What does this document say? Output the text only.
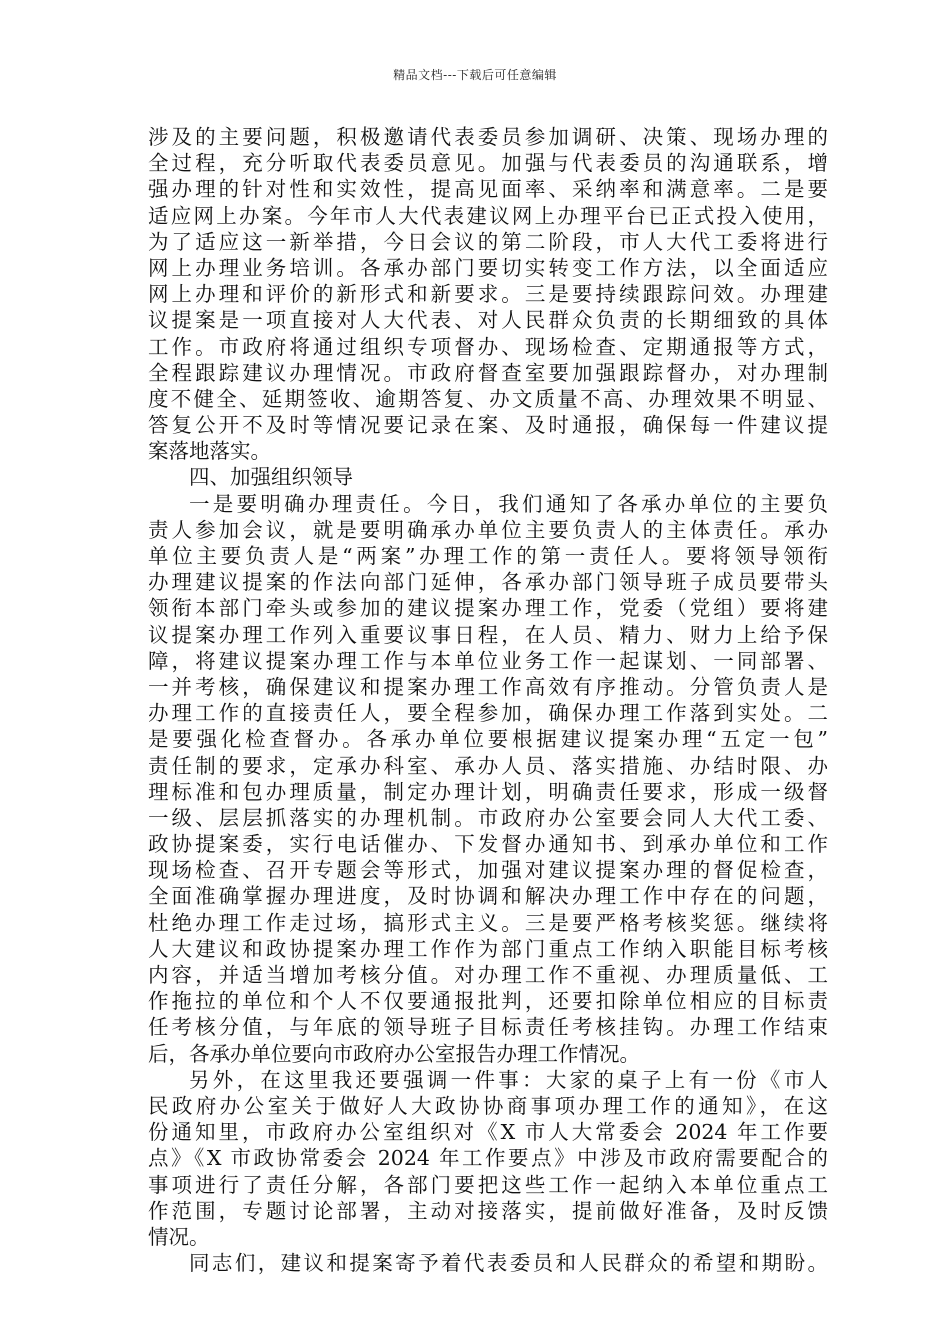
精品文档---下载后可任意编辑
涉及的主要问题，积极邀请代表委员参加调研、决策、现场办理的
全过程，充分听取代表委员意见。加强与代表委员的沟通联系，增
强办理的针对性和实效性，提高见面率、采纳率和满意率。二是要
适应网上办案。今年市人大代表建议网上办理平台已正式投入使用，
为了适应这一新举措，今日会议的第二阶段，市人大代工委将进行
网上办理业务培训。各承办部门要切实转变工作方法，以全面适应
网上办理和评价的新形式和新要求。三是要持续跟踪问效。办理建
议提案是一项直接对人大代表、对人民群众负责的长期细致的具体
工作。市政府将通过组织专项督办、现场检查、定期通报等方式，
全程跟踪建议办理情况。市政府督查室要加强跟踪督办，对办理制
度不健全、延期签收、逾期答复、办文质量不高、办理效果不明显、
答复公开不及时等情况要记录在案、及时通报，确保每一件建议提
案落地落实。
四、加强组织领导
一是要明确办理责任。今日，我们通知了各承办单位的主要负
责人参加会议，就是要明确承办单位主要负责人的主体责任。承办
单位主要负责人是“两案”办理工作的第一责任人。要将领导领衔
办理建议提案的作法向部门延伸，各承办部门领导班子成员要带头
领衔本部门牵头或参加的建议提案办理工作，党委（党组）要将建
议提案办理工作列入重要议事日程，在人员、精力、财力上给予保
障，将建议提案办理工作与本单位业务工作一起谋划、一同部署、
一并考核，确保建议和提案办理工作高效有序推动。分管负责人是
办理工作的直接责任人，要全程参加，确保办理工作落到实处。二
是要强化检查督办。各承办单位要根据建议提案办理“五定一包”
责任制的要求，定承办科室、承办人员、落实措施、办结时限、办
理标准和包办理质量，制定办理计划，明确责任要求，形成一级督
一级、层层抓落实的办理机制。市政府办公室要会同人大代工委、
政协提案委，实行电话催办、下发督办通知书、到承办单位和工作
现场检查、召开专题会等形式，加强对建议提案办理的督促检查，
全面准确掌握办理进度，及时协调和解决办理工作中存在的问题，
杜绝办理工作走过场，搞形式主义。三是要严格考核奖惩。继续将
人大建议和政协提案办理工作作为部门重点工作纳入职能目标考核
内容，并适当增加考核分值。对办理工作不重视、办理质量低、工
作拖拉的单位和个人不仅要通报批判，还要扣除单位相应的目标责
任考核分值，与年底的领导班子目标责任考核挂钩。办理工作结束
后，各承办单位要向市政府办公室报告办理工作情况。
另外，在这里我还要强调一件事：大家的桌子上有一份《市人
民政府办公室关于做好人大政协协商事项办理工作的通知》，在这
份通知里，市政府办公室组织对《X 市人大常委会 2024 年工作要
点》《X 市政协常委会 2024 年工作要点》中涉及市政府需要配合的
事项进行了责任分解，各部门要把这些工作一起纳入本单位重点工
作范围，专题讨论部署，主动对接落实，提前做好准备，及时反馈
情况。
同志们，建议和提案寄予着代表委员和人民群众的希望和期盼。
